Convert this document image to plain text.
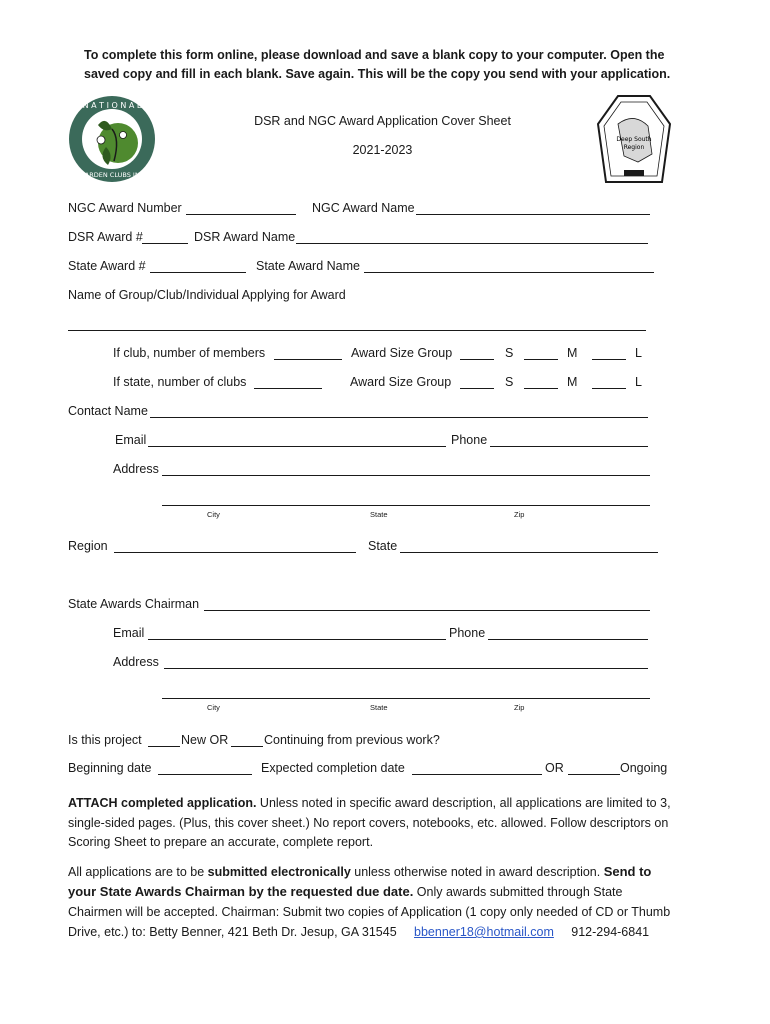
To complete this form online, please download and save a blank copy to your computer. Open the
saved copy and fill in each blank. Save again. This will be the copy you send with your application.
N A T I O N A L
GARDEN CLUBS INC
Deep South
Region
DSR and NGC Award Application Cover Sheet
2021-2023
NGC Award Number	NGC Award Name
DSR Award #	DSR Award Name
State Award #	State Award Name
Name of Group/Club/Individual Applying for Award
If club, number of members	Award Size Group	S	M	L
If state, number of clubs	Award Size Group	S	M	L
Contact Name
Email	Phone
Address
City	State	Zip
Region	State
State Awards Chairman
Email	Phone
Address
City	State	Zip
Is this project	New OR	Continuing from previous work?
Beginning date	Expected completion date	OR	Ongoing
ATTACH completed application. Unless noted in specific award description, all applications are limited to 3, single-sided pages. (Plus, this cover sheet.) No report covers, notebooks, etc. allowed. Follow descriptors on Scoring Sheet to prepare an accurate, complete report.
All applications are to be submitted electronically unless otherwise noted in award description. Send to your State Awards Chairman by the requested due date. Only awards submitted through State Chairmen will be accepted. Chairman: Submit two copies of Application (1 copy only needed of CD or Thumb Drive, etc.) to: Betty Benner, 421 Beth Dr. Jesup, GA 31545 bbenner18@hotmail.com 912-294-6841
